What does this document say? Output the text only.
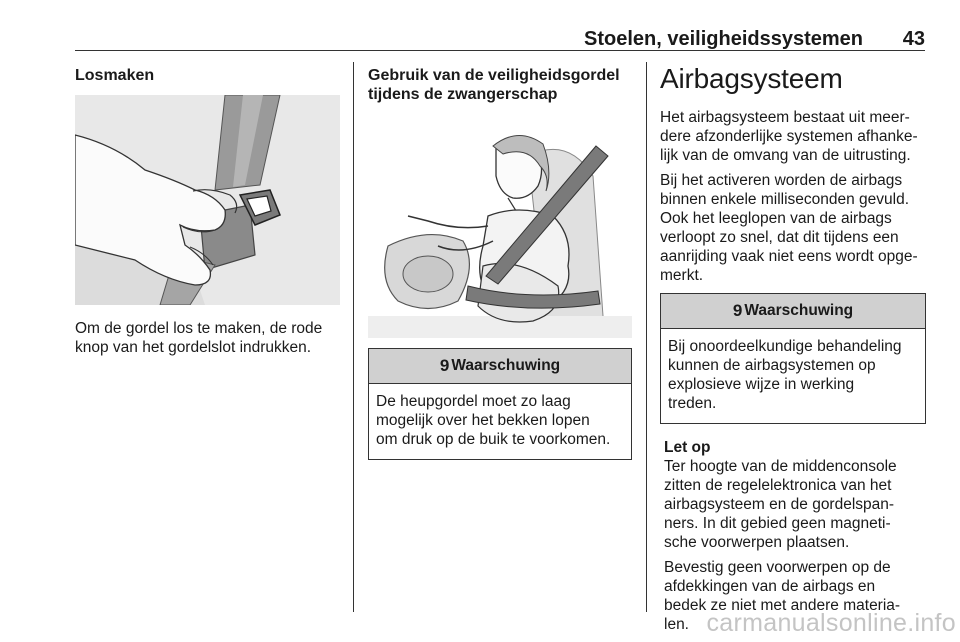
Stoelen, veiligheidssystemen 43
Losmaken

Om de gordel los te maken, de rode
knop van het gordelslot indrukken.

Gebruik van de veiligheidsgordel
tijdens de zwangerschap
9 Waarschuwing
De heupgordel moet zo laag
mogelijk over het bekken lopen
om druk op de buik te voorkomen.
Airbagsysteem

Het airbagsysteem bestaat uit meer-
dere afzonderlijke systemen afhanke-
lijk van de omvang van de uitrusting.

Bij het activeren worden de airbags
binnen enkele milliseconden gevuld.
Ook het leeglopen van de airbags
verloopt zo snel, dat dit tijdens een
aanrijding vaak niet eens wordt opge-
merkt.

9 Waarschuwing
Bij onoordeelkundige behandeling
kunnen de airbagsystemen op
explosieve wijze in werking
treden.
Let op

Ter hoogte van de middenconsole
zitten de regelelektronica van het
airbagsysteem en de gordelspan-
ners. In dit gebied geen magneti-
sche voorwerpen plaatsen.

Bevestig geen voorwerpen op de
afdekkingen van de airbags en
bedek ze niet met andere materia-
len. carmanualsonline.info
